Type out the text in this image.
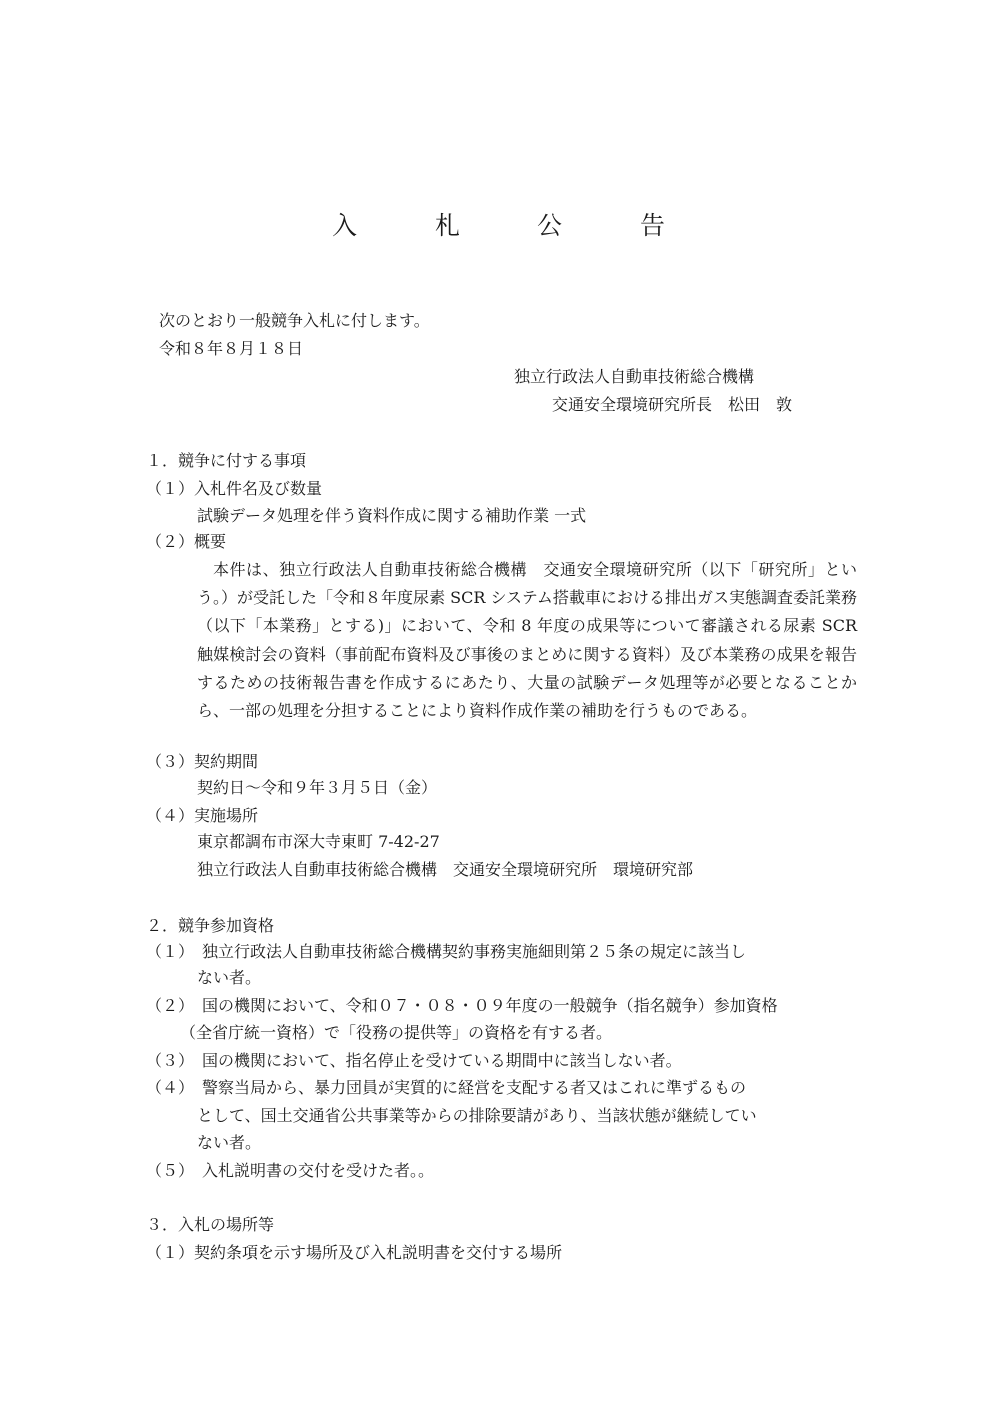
入	札	公	告
次のとおり一般競争入札に付します。
令和８年８月１８日
独立行政法人自動車技術総合機構
交通安全環境研究所長　松田　敦
１．競争に付する事項
（１）入札件名及び数量
試験データ処理を伴う資料作成に関する補助作業 一式
（２）概要
本件は、独立行政法人自動車技術総合機構　交通安全環境研究所（以下「研究所」という。）が受託した「令和８年度尿素 SCR システム搭載車における排出ガス実態調査委託業務（以下「本業務」とする)」において、令和 8 年度の成果等について審議される尿素 SCR 触媒検討会の資料（事前配布資料及び事後のまとめに関する資料）及び本業務の成果を報告するための技術報告書を作成するにあたり、大量の試験データ処理等が必要となることから、一部の処理を分担することにより資料作成作業の補助を行うものである。
（３）契約期間
契約日～令和９年３月５日（金）
（４）実施場所
東京都調布市深大寺東町 7-42-27
独立行政法人自動車技術総合機構　交通安全環境研究所　環境研究部
２．競争参加資格
（１）　独立行政法人自動車技術総合機構契約事務実施細則第２５条の規定に該当し
ない者。
（２）　国の機関において、令和０７・０８・０９年度の一般競争（指名競争）参加資格
（全省庁統一資格）で「役務の提供等」の資格を有する者。
（３）　国の機関において、指名停止を受けている期間中に該当しない者。
（４）　警察当局から、暴力団員が実質的に経営を支配する者又はこれに準ずるもの
として、国土交通省公共事業等からの排除要請があり、当該状態が継続してい
ない者。
（５）　入札説明書の交付を受けた者。。
３．入札の場所等
（１）契約条項を示す場所及び入札説明書を交付する場所
